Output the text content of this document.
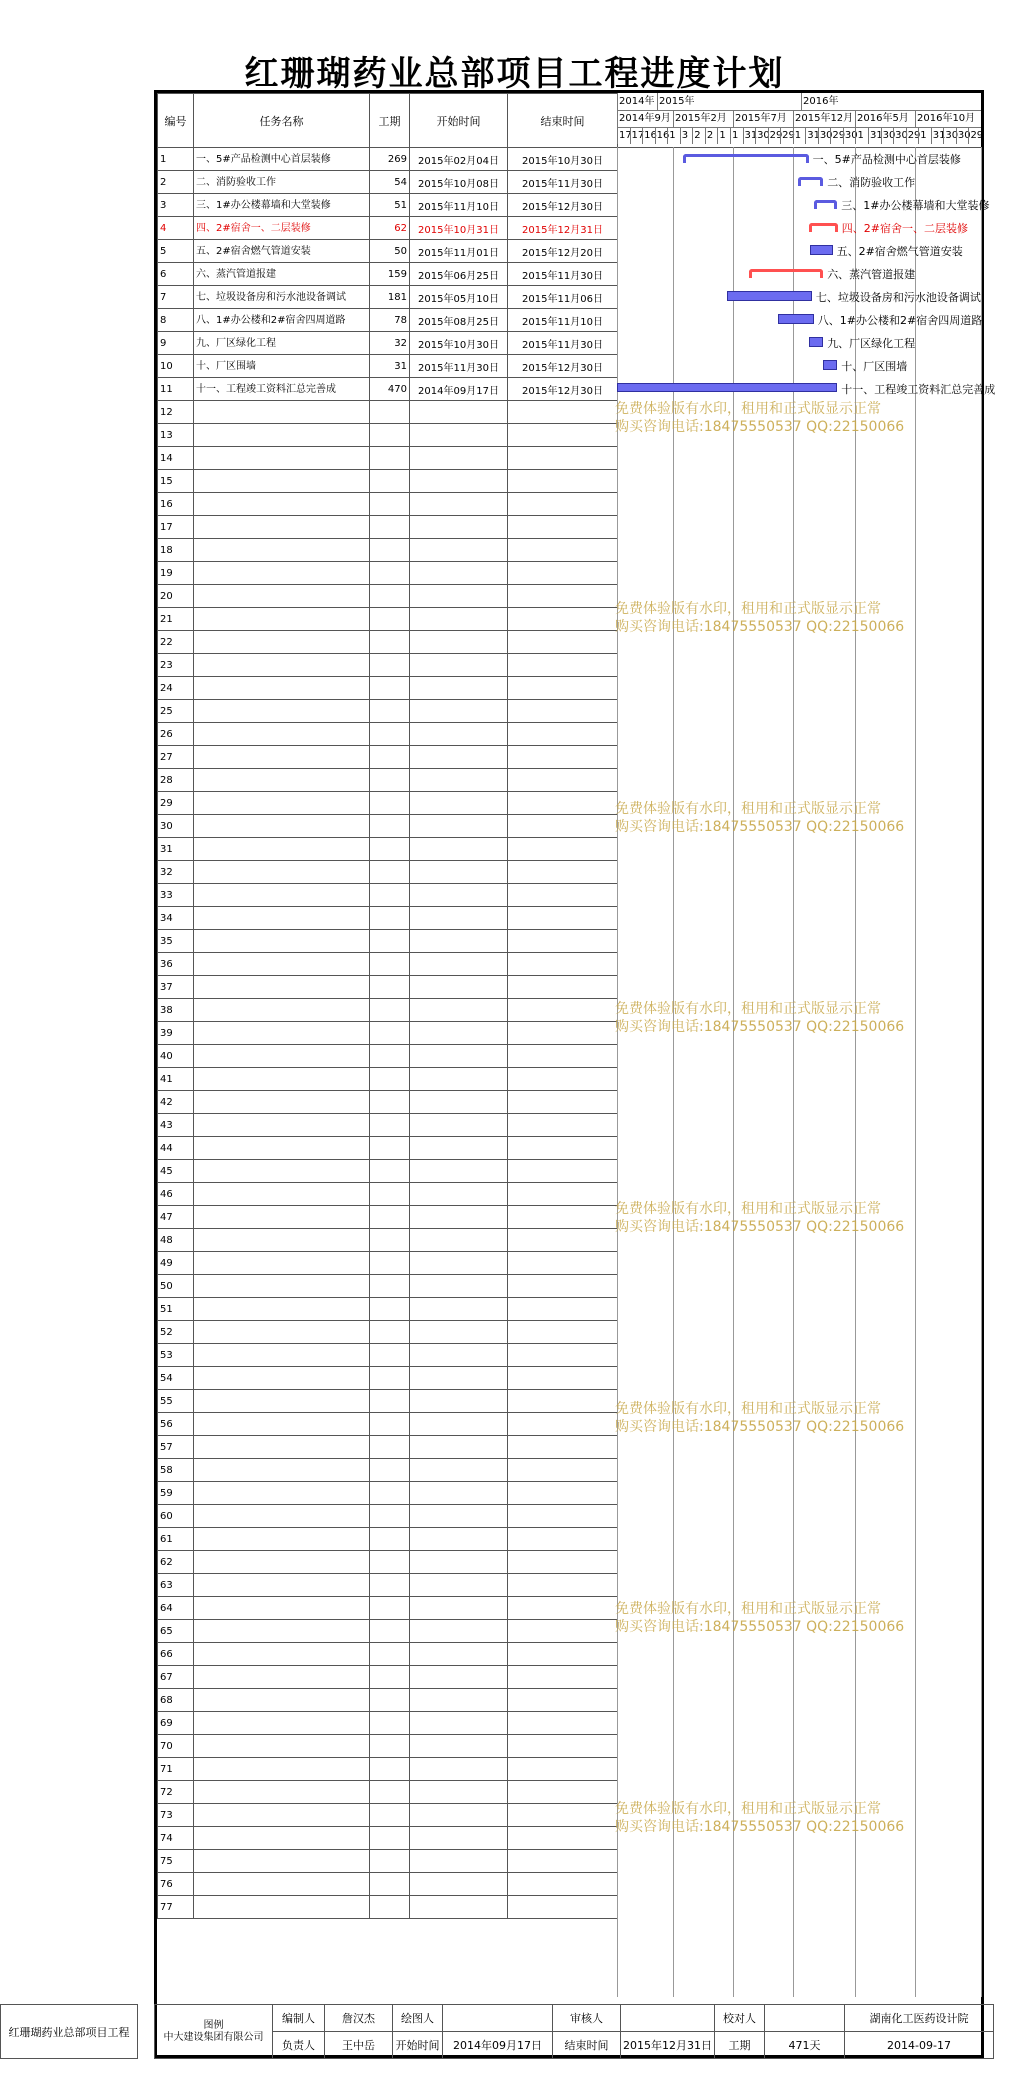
红珊瑚药业总部项目工程进度计划
编号	任务名称	工期	开始时间	结束时间
1	一、5#产品检测中心首层装修	269	2015年02月04日	2015年10月30日
2	二、消防验收工作	54	2015年10月08日	2015年11月30日
3	三、1#办公楼幕墙和大堂装修	51	2015年11月10日	2015年12月30日
4	四、2#宿舍一、二层装修	62	2015年10月31日	2015年12月31日
5	五、2#宿舍燃气管道安装	50	2015年11月01日	2015年12月20日
6	六、蒸汽管道报建	159	2015年06月25日	2015年11月30日
7	七、垃圾设备房和污水池设备调试	181	2015年05月10日	2015年11月06日
8	八、1#办公楼和2#宿舍四周道路	78	2015年08月25日	2015年11月10日
9	九、厂区绿化工程	32	2015年10月30日	2015年11月30日
10	十、厂区围墙	31	2015年11月30日	2015年12月30日
11	十一、工程竣工资料汇总完善成	470	2014年09月17日	2015年12月30日
12				
13				
14				
15				
16				
17				
18				
19				
20				
21				
22				
23				
24				
25				
26				
27				
28				
29				
30				
31				
32				
33				
34				
35				
36				
37				
38				
39				
40				
41				
42				
43				
44				
45				
46				
47				
48				
49				
50				
51				
52				
53				
54				
55				
56				
57				
58				
59				
60				
61				
62				
63				
64				
65				
66				
67				
68				
69				
70				
71				
72				
73				
74				
75				
76				
77				
2014年 2015年	2016年
2014年9月 2015年2月 2015年7月 2015年12月 2016年5月 2016年10月
17 17 16 16 1 3 2 2 1 1 31 30 29 29 1 31 30 29 30 1 31 30 30 29 1 31 30 30 29
一、5#产品检测中心首层装修
二、消防验收工作
三、1#办公楼幕墙和大堂装修
四、2#宿舍一、二层装修
五、2#宿舍燃气管道安装
六、蒸汽管道报建
七、垃圾设备房和污水池设备调试
八、1#办公楼和2#宿舍四周道路
九、厂区绿化工程
十、厂区围墙
十一、工程竣工资料汇总完善成
免费体验版有水印，租用和正式版显示正常
购买咨询电话:18475550537 QQ:22150066
免费体验版有水印，租用和正式版显示正常
购买咨询电话:18475550537 QQ:22150066
免费体验版有水印，租用和正式版显示正常
购买咨询电话:18475550537 QQ:22150066
免费体验版有水印，租用和正式版显示正常
购买咨询电话:18475550537 QQ:22150066
免费体验版有水印，租用和正式版显示正常
购买咨询电话:18475550537 QQ:22150066
免费体验版有水印，租用和正式版显示正常
购买咨询电话:18475550537 QQ:22150066
免费体验版有水印，租用和正式版显示正常
购买咨询电话:18475550537 QQ:22150066
免费体验版有水印，租用和正式版显示正常
购买咨询电话:18475550537 QQ:22150066
红珊瑚药业总部项目工程		图例
中大建设集团有限公司	编制人	詹汉杰	绘图人		审核人		校对人		湖南化工医药设计院
			负责人	王中岳	开始时间	2014年09月17日	结束时间	2015年12月31日	工期	471天	2014-09-17
